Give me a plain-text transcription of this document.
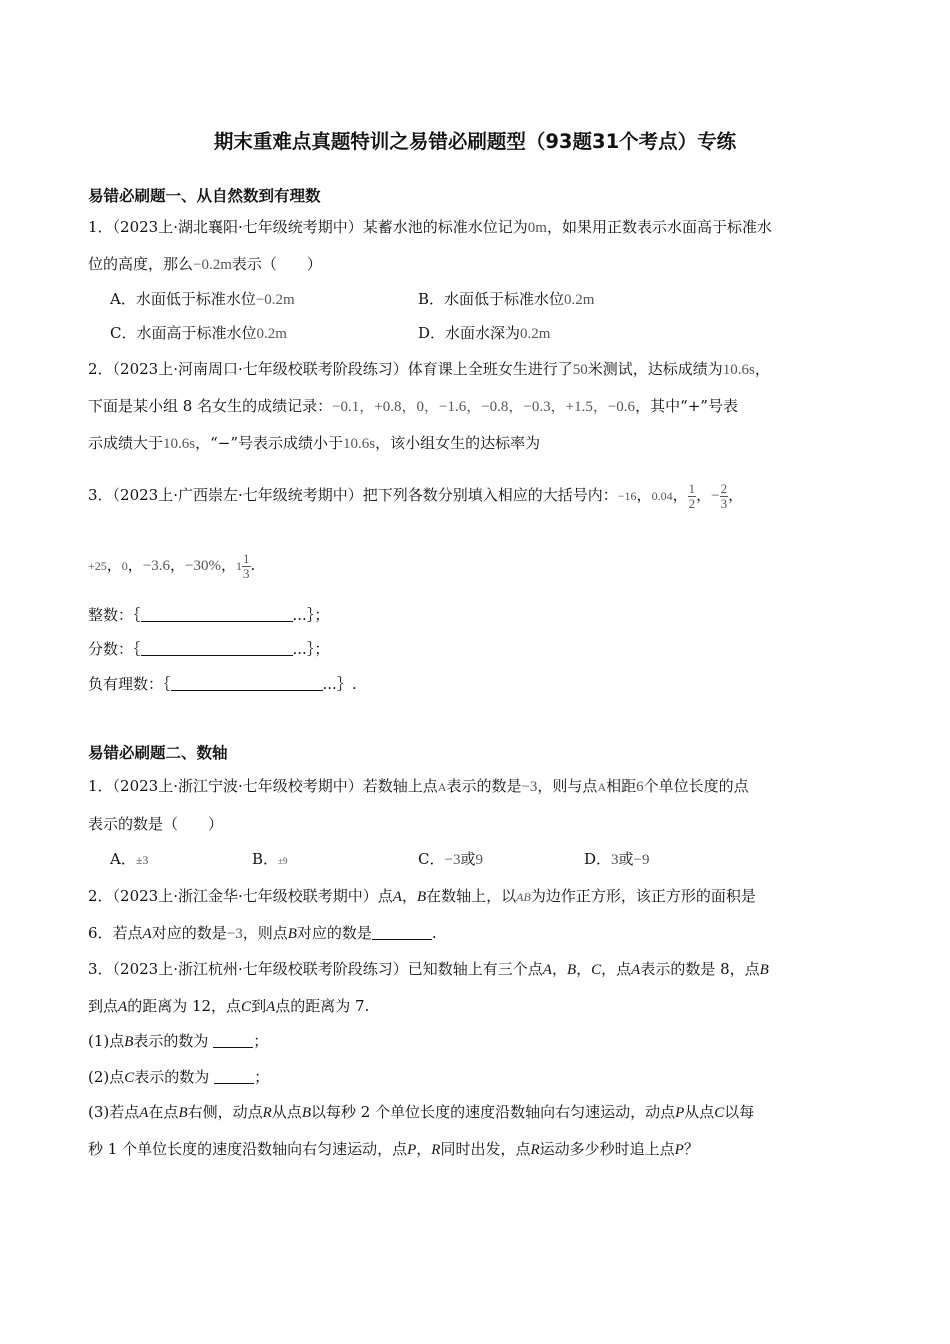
期末重难点真题特训之易错必刷题型（93题31个考点）专练
易错必刷题一、从自然数到有理数
1．（2023上·湖北襄阳·七年级统考期中）某蓄水池的标准水位记为0m，如果用正数表示水面高于标准水
位的高度，那么−0.2m表示（　　）
A．水面低于标准水位−0.2m	B．水面低于标准水位0.2m
C．水面高于标准水位0.2m	D．水面水深为0.2m
2．（2023上·河南周口·七年级校联考阶段练习）体育课上全班女生进行了50米测试，达标成绩为10.6s，
下面是某小组 8 名女生的成绩记录：−0.1，+0.8，0，−1.6，−0.8，−0.3，+1.5，−0.6，其中“+”号表
示成绩大于10.6s，“−”号表示成绩小于10.6s，该小组女生的达标率为
3．（2023上·广西崇左·七年级统考期中）把下列各数分别填入相应的大括号内：−16，0.04， $\frac{1}{2}$ ，− $\frac{2}{3}$ ，
+25，0，−3.6，−30%，$1 \frac{1}{3}$ .
整数：｛	...｝；
分数：｛	...｝；
负有理数：｛	...｝.
易错必刷题二、数轴
1．（2023上·浙江宁波·七年级校考期中）若数轴上点A表示的数是−3，则与点A相距6个单位长度的点
表示的数是（　　）
A．±3	B．±9	C．−3或9	D．3或−9
2．（2023上·浙江金华·七年级校联考期中）点A，B在数轴上，以AB为边作正方形，该正方形的面积是
6．若点A对应的数是−3，则点B对应的数是	.
3．（2023上·浙江杭州·七年级校联考阶段练习）已知数轴上有三个点A，B，C，点A表示的数是 8，点B
到点A的距离为 12，点C到A点的距离为 7.
(1)点B表示的数为	；
(2)点C表示的数为	；
(3)若点A在点B右侧，动点R从点B以每秒 2 个单位长度的速度沿数轴向右匀速运动，动点P从点C以每
秒 1 个单位长度的速度沿数轴向右匀速运动，点P，R同时出发，点R运动多少秒时追上点P？
